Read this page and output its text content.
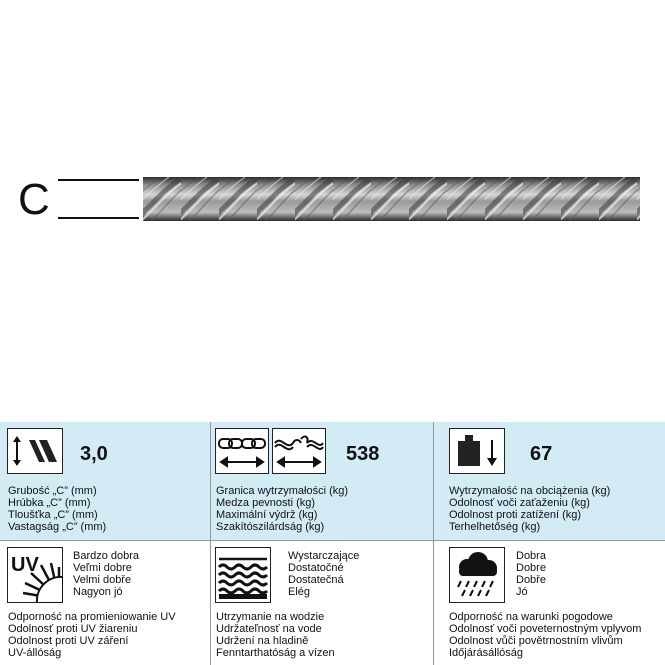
C
3,0
Grubość „C” (mm)
Hrúbka „C” (mm)
Tloušťka „C” (mm)
Vastagság „C” (mm)
538
Granica wytrzymałości (kg)
Medza pevnosti (kg)
Maximální výdrž (kg)
Szakítószilárdság (kg)
67
Wytrzymałość na obciążenia (kg)
Odolnosť voči zaťaženiu (kg)
Odolnost proti zatížení (kg)
Terhelhetőség (kg)
UV	Bardzo dobra
Veľmi dobre
Velmi dobře
Nagyon jó
Odporność na promieniowanie UV
Odolnosť proti UV žiareniu
Odolnost proti UV záření
UV-állóság
Wystarczające
Dostatočné
Dostatečná
Elég
Utrzymanie na wodzie
Udržateľnosť na vode
Udržení na hladině
Fenntarthatóság a vízen
Dobra
Dobre
Dobře
Jó
Odporność na warunki pogodowe
Odolnosť voči poveternostným vplyvom
Odolnost vůči povětrnostním vlivům
Időjárásállóság
